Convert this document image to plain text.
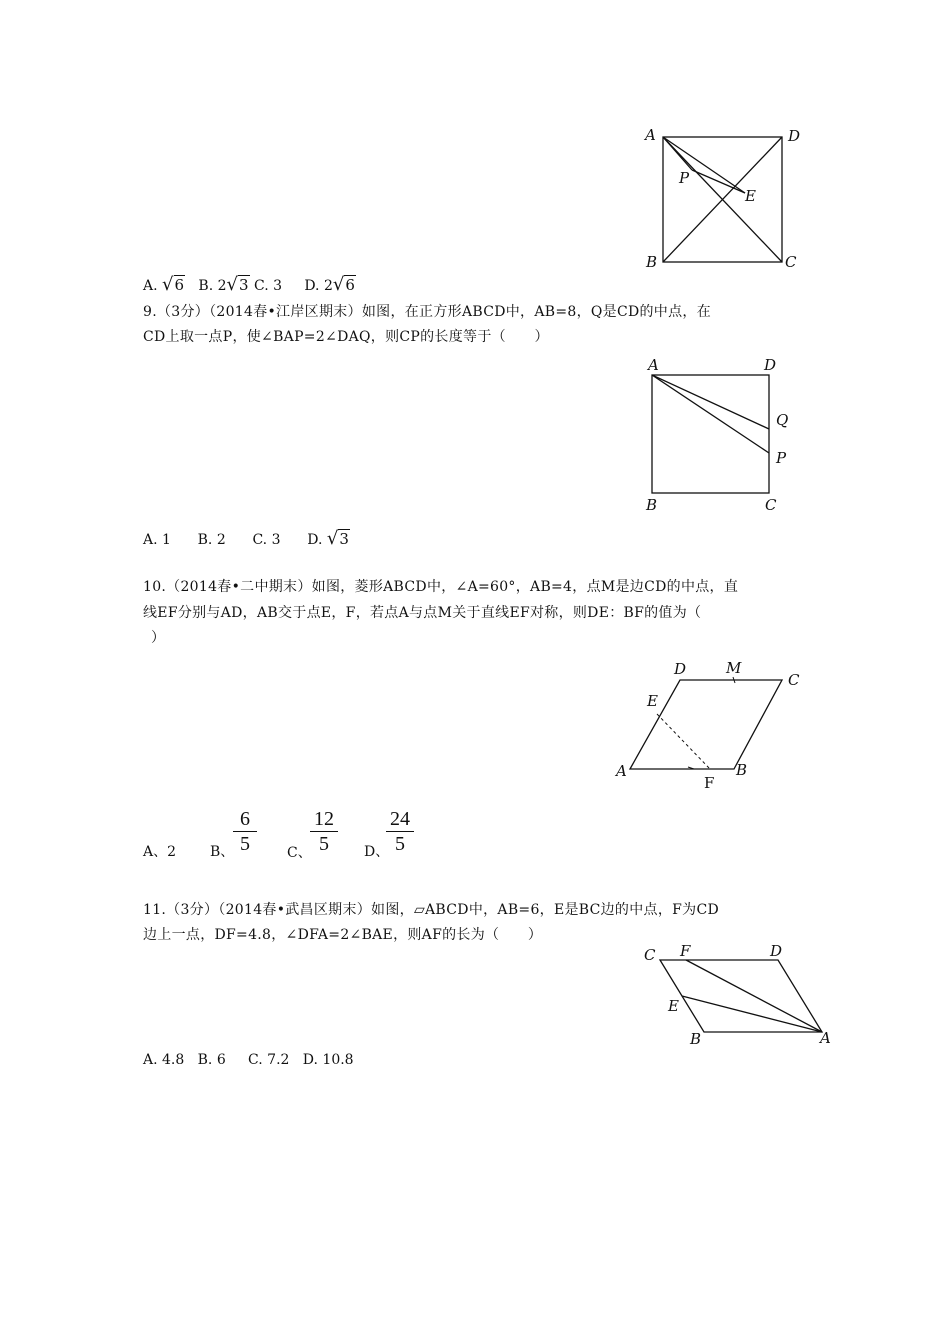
A	D
P
E
B	C
A. √6 B. 2√3 C. 3 D. 2√6
9.（3分）（2014春•江岸区期末）如图，在正方形ABCD中，AB=8，Q是CD的中点，在
CD上取一点P，使∠BAP=2∠DAQ，则CP的长度等于（　　）
A	D
Q
P
B	C
A. 1 B. 2 C. 3 D. √3
10.（2014春•二中期末）如图，菱形ABCD中，∠A=60°，AB=4，点M是边CD的中点，直
线EF分别与AD，AB交于点E，F，若点A与点M关于直线EF对称，则DE：BF的值为（
）
D	M
C
E
A	B
F
A、2 B、
6
5	C、
12
5	D、
24
5
11.（3分）（2014春•武昌区期末）如图，▱ABCD中，AB=6，E是BC边的中点，F为CD
边上一点，DF=4.8，∠DFA=2∠BAE，则AF的长为（　　）
C F	D
E
B	A
A. 4.8 B. 6 C. 7.2 D. 10.8
